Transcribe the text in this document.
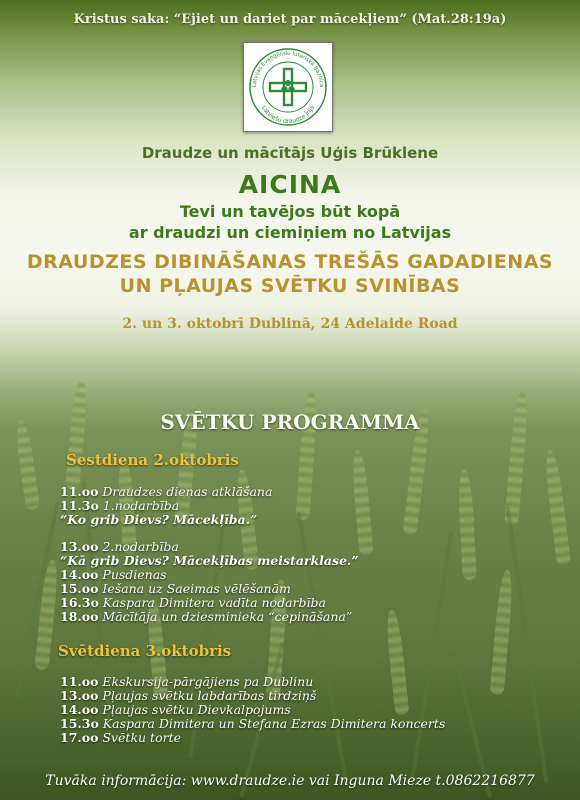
Kristus saka: “Ejiet un dariet par mācekļiem” (Mat.28:19a)

Latvijas Evaņģēliski luteriskā Baznīca
Latviešu draudze Īrijā

Draudze un mācītājs Uģis Brūklene

AICINA

Tevi un tavējos būt kopā

ar draudzi un ciemiņiem no Latvijas

DRAUDZES DIBINĀŠANAS TREŠĀS GADADIENAS

UN PĻAUJAS SVĒTKU SVINĪBAS

2. un 3. oktobrī Dublinā, 24 Adelaide Road

SVĒTKU PROGRAMMA

Sestdiena 2.oktobris

11.oo Draudzes dienas atklāšana

11.3o 1.nodarbība

“Ko grib Dievs? Mācekļība.”

13.oo 2.nodarbība

“Kā grib Dievs? Mācekļības meistarklase.”

14.oo Pusdienas

15.oo Iešana uz Saeimas vēlēšanām

16.3o Kaspara Dimitera vadīta nodarbība

18.oo Mācītāja un dziesminieka “cepināšana”

Svētdiena 3.oktobris

11.oo Ekskursija-pārgājiens pa Dublinu

13.oo Pļaujas svētku labdarības tirdziņš

14.oo Pļaujas svētku Dievkalpojums

15.3o Kaspara Dimitera un Stefana Ezras Dimitera koncerts

17.oo Svētku torte

Tuvāka informācija: www.draudze.ie vai Inguna Mieze t.0862216877
